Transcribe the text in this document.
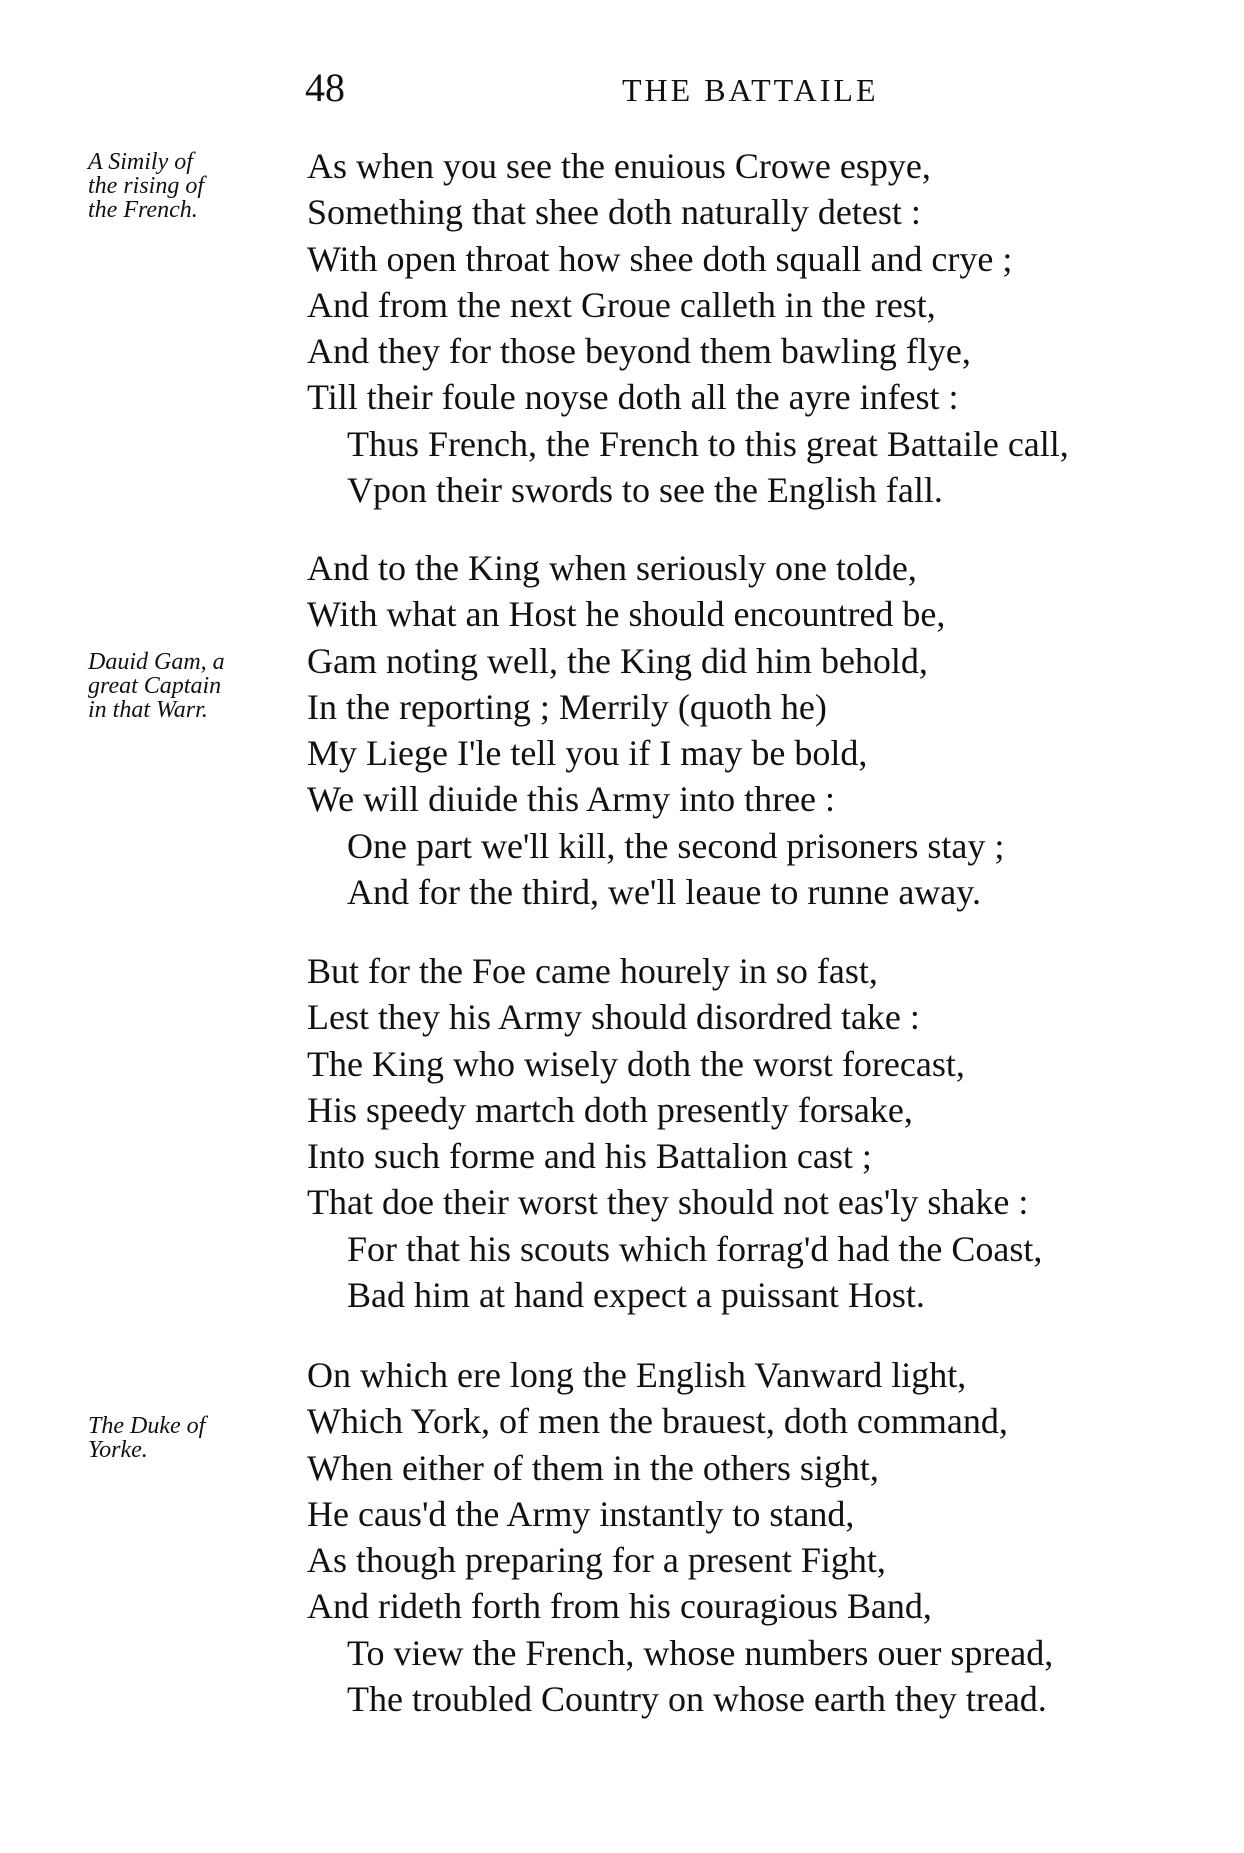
48	THE BATTAILE
A Simily of
the rising of
the French.
Dauid Gam, a
great Captain
in that Warr.
The Duke of
Yorke.
As when you see the enuious Crowe espye,
Something that shee doth naturally detest :
With open throat how shee doth squall and crye ;
And from the next Groue calleth in the rest,
And they for those beyond them bawling flye,
Till their foule noyse doth all the ayre infest :
Thus French, the French to this great Battaile call,
Vpon their swords to see the English fall.
And to the King when seriously one tolde,
With what an Host he should encountred be,
Gam noting well, the King did him behold,
In the reporting ; Merrily (quoth he)
My Liege I'le tell you if I may be bold,
We will diuide this Army into three :
One part we'll kill, the second prisoners stay ;
And for the third, we'll leaue to runne away.
But for the Foe came hourely in so fast,
Lest they his Army should disordred take :
The King who wisely doth the worst forecast,
His speedy martch doth presently forsake,
Into such forme and his Battalion cast ;
That doe their worst they should not eas'ly shake :
For that his scouts which forrag'd had the Coast,
Bad him at hand expect a puissant Host.
On which ere long the English Vanward light,
Which York, of men the brauest, doth command,
When either of them in the others sight,
He caus'd the Army instantly to stand,
As though preparing for a present Fight,
And rideth forth from his couragious Band,
To view the French, whose numbers ouer spread,
The troubled Country on whose earth they tread.
